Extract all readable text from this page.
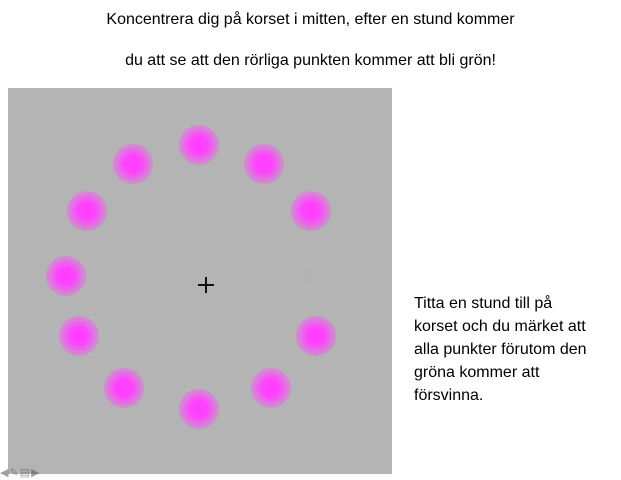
Koncentrera dig på korset i mitten, efter en stund kommer
du att se att den rörliga punkten kommer att bli grön!
Titta en stund till på
korset och du märket att
alla punkter förutom den
gröna kommer att
försvinna.
◀ ✎ ▤ ▶
